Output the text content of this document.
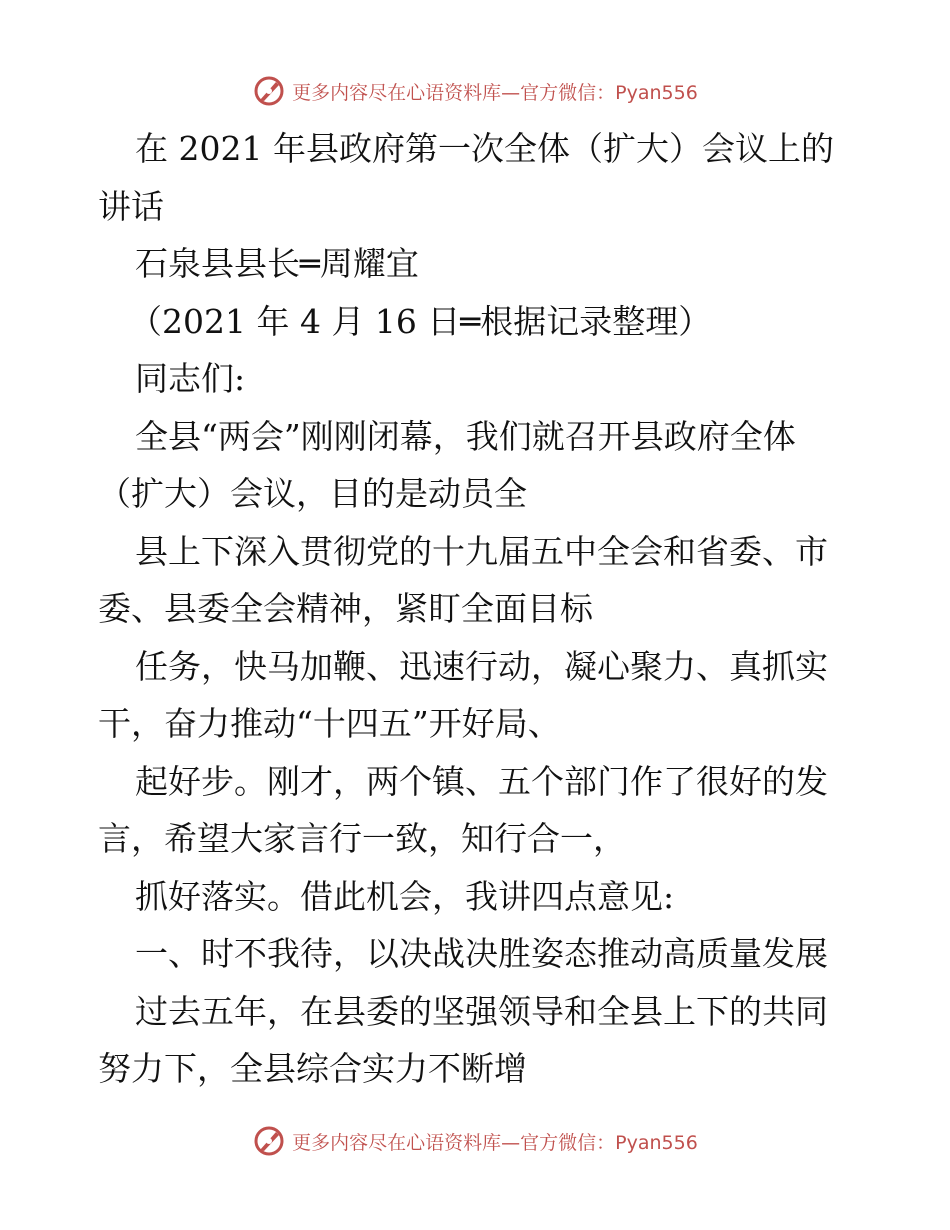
更多内容尽在心语资料库—官方微信：Pyan556
在 2021 年县政府第一次全体（扩大）会议上的
讲话
石泉县县长═周耀宜
（2021 年 4 月 16 日═根据记录整理）
同志们:
全县“两会”刚刚闭幕，我们就召开县政府全体
（扩大）会议，目的是动员全
县上下深入贯彻党的十九届五中全会和省委、市
委、县委全会精神，紧盯全面目标
任务，快马加鞭、迅速行动，凝心聚力、真抓实
干，奋力推动“十四五”开好局、
起好步。刚才，两个镇、五个部门作了很好的发
言，希望大家言行一致，知行合一，
抓好落实。借此机会，我讲四点意见:
一、时不我待，以决战决胜姿态推动高质量发展
过去五年，在县委的坚强领导和全县上下的共同
努力下，全县综合实力不断增
更多内容尽在心语资料库—官方微信：Pyan556
